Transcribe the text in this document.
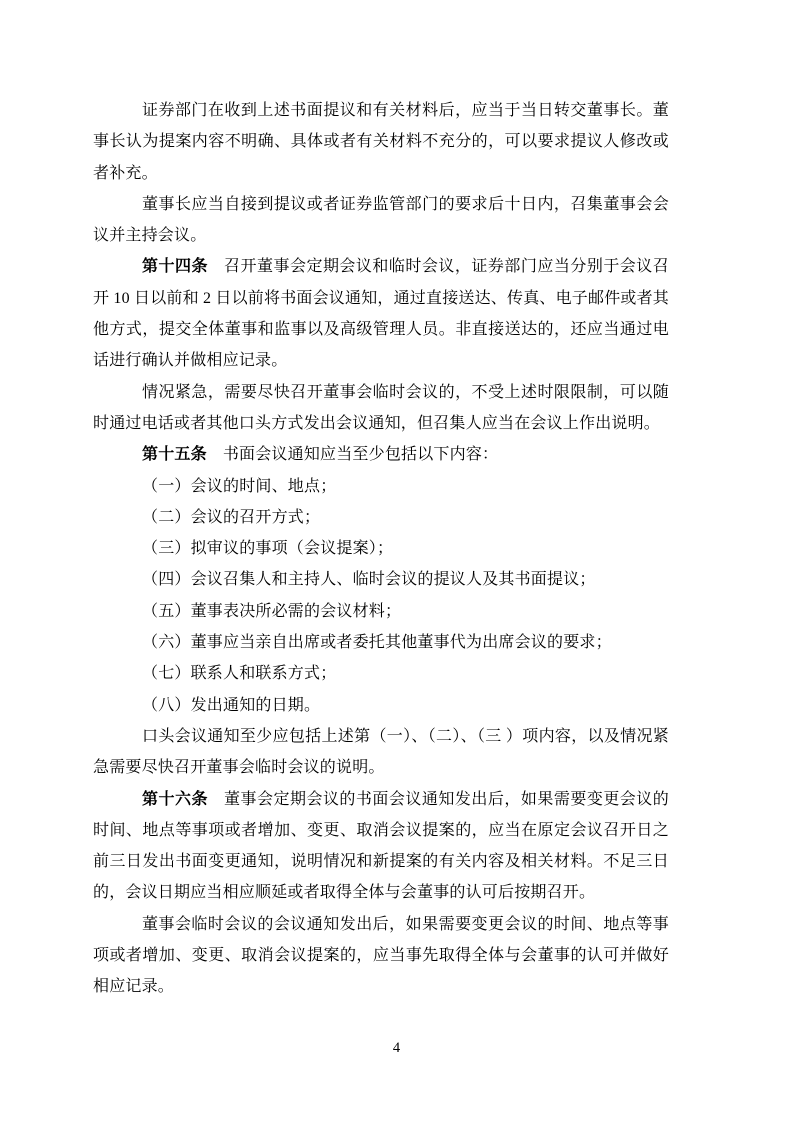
证券部门在收到上述书面提议和有关材料后，应当于当日转交董事长。董事长认为提案内容不明确、具体或者有关材料不充分的，可以要求提议人修改或者补充。

董事长应当自接到提议或者证券监管部门的要求后十日内，召集董事会会议并主持会议。

第十四条 召开董事会定期会议和临时会议，证券部门应当分别于会议召开 10 日以前和 2 日以前将书面会议通知，通过直接送达、传真、电子邮件或者其他方式，提交全体董事和监事以及高级管理人员。非直接送达的，还应当通过电话进行确认并做相应记录。

情况紧急，需要尽快召开董事会临时会议的，不受上述时限限制，可以随时通过电话或者其他口头方式发出会议通知，但召集人应当在会议上作出说明。

第十五条 书面会议通知应当至少包括以下内容：

（一）会议的时间、地点；

（二）会议的召开方式；

（三）拟审议的事项（会议提案）；

（四）会议召集人和主持人、临时会议的提议人及其书面提议；

（五）董事表决所必需的会议材料；

（六）董事应当亲自出席或者委托其他董事代为出席会议的要求；

（七）联系人和联系方式；

（八）发出通知的日期。

口头会议通知至少应包括上述第（一）、（二）、（三 ）项内容，以及情况紧急需要尽快召开董事会临时会议的说明。

第十六条 董事会定期会议的书面会议通知发出后，如果需要变更会议的时间、地点等事项或者增加、变更、取消会议提案的，应当在原定会议召开日之前三日发出书面变更通知，说明情况和新提案的有关内容及相关材料。不足三日的，会议日期应当相应顺延或者取得全体与会董事的认可后按期召开。

董事会临时会议的会议通知发出后，如果需要变更会议的时间、地点等事项或者增加、变更、取消会议提案的，应当事先取得全体与会董事的认可并做好相应记录。

4
